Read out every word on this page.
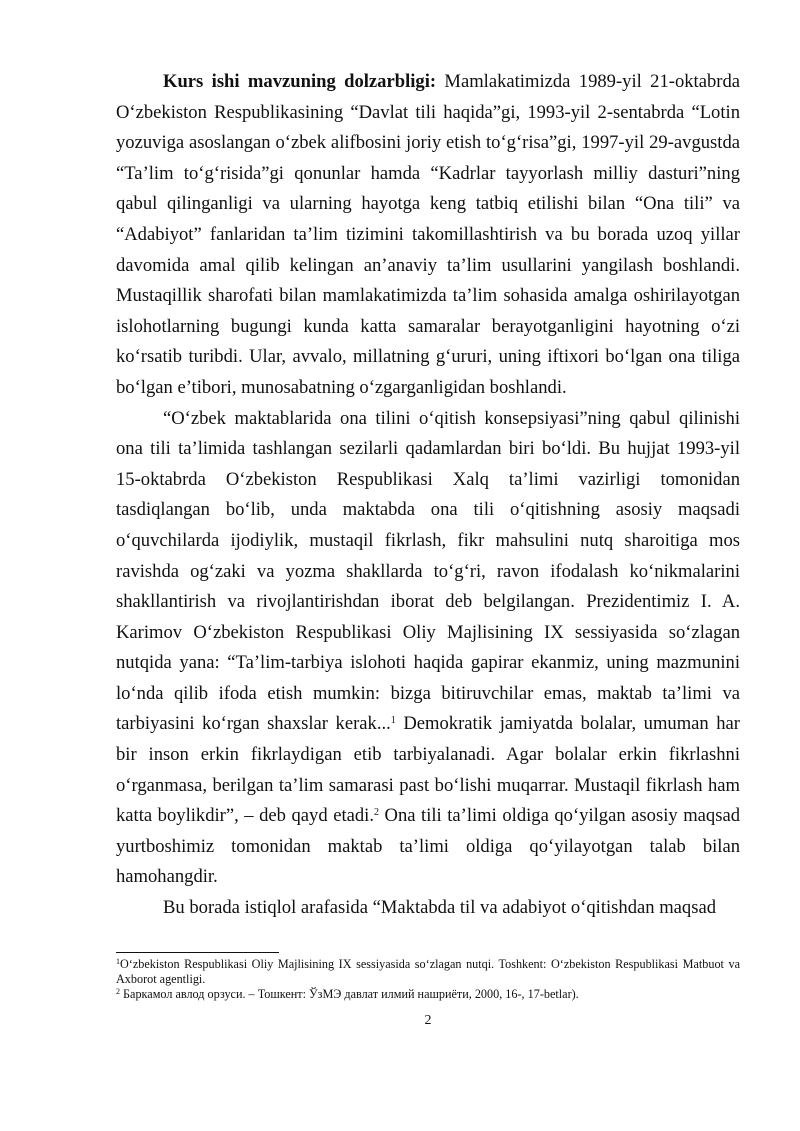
Kurs ishi mavzuning dolzarbligi: Mamlakatimizda 1989-yil 21-oktabrda O‘zbekiston Respublikasining “Davlat tili haqida”gi, 1993-yil 2-sentabrda “Lotin yozuviga asoslangan o‘zbek alifbosini joriy etish to‘g‘risa”gi, 1997-yil 29-avgustda “Ta’lim to‘g‘risida”gi qonunlar hamda “Kadrlar tayyorlash milliy dasturi”ning qabul qilinganligi va ularning hayotga keng tatbiq etilishi bilan “Ona tili” va “Adabiyot” fanlaridan ta’lim tizimini takomillashtirish va bu borada uzoq yillar davomida amal qilib kelingan an’anaviy ta’lim usullarini yangilash boshlandi. Mustaqillik sharofati bilan mamlakatimizda ta’lim sohasida amalga oshirilayotgan islohotlarning bugungi kunda katta samaralar berayotganligini hayotning o‘zi ko‘rsatib turibdi. Ular, avvalo, millatning g‘ururi, uning iftixori bo‘lgan ona tiliga bo‘lgan e’tibori, munosabatning o‘zgarganligidan boshlandi.

“O‘zbek maktablarida ona tilini o‘qitish konsepsiyasi”ning qabul qilinishi ona tili ta’limida tashlangan sezilarli qadamlardan biri bo‘ldi. Bu hujjat 1993-yil 15-oktabrda O‘zbekiston Respublikasi Xalq ta’limi vazirligi tomonidan tasdiqlangan bo‘lib, unda maktabda ona tili o‘qitishning asosiy maqsadi o‘quvchilarda ijodiylik, mustaqil fikrlash, fikr mahsulini nutq sharoitiga mos ravishda og‘zaki va yozma shakllarda to‘g‘ri, ravon ifodalash ko‘nikmalarini shakllantirish va rivojlantirishdan iborat deb belgilangan. Prezidentimiz I. A. Karimov O‘zbekiston Respublikasi Oliy Majlisining IX sessiyasida so‘zlagan nutqida yana: “Ta’lim-tarbiya islohoti haqida gapirar ekanmiz, uning mazmunini lo‘nda qilib ifoda etish mumkin: bizga bitiruvchilar emas, maktab ta’limi va tarbiyasini ko‘rgan shaxslar kerak...$^1$ Demokratik jamiyatda bolalar, umuman har bir inson erkin fikrlaydigan etib tarbiyalanadi. Agar bolalar erkin fikrlashni o‘rganmasa, berilgan ta’lim samarasi past bo‘lishi muqarrar. Mustaqil fikrlash ham katta boylikdir”, – deb qayd etadi.$^2$ Ona tili ta’limi oldiga qo‘yilgan asosiy maqsad yurtboshimiz tomonidan maktab ta’limi oldiga qo‘yilayotgan talab bilan hamohangdir.

Bu borada istiqlol arafasida “Maktabda til va adabiyot o‘qitishdan maqsad

$^1$O‘zbekiston Respublikasi Oliy Majlisining IX sessiyasida so‘zlagan nutqi. Toshkent: O‘zbekiston Respublikasi Matbuot va Axborot agentligi.

$^2$ Баркамол авлод орзуси. – Тошкент: ЎзМЭ давлат илмий нашриёти, 2000, 16-, 17-betlar).

2
